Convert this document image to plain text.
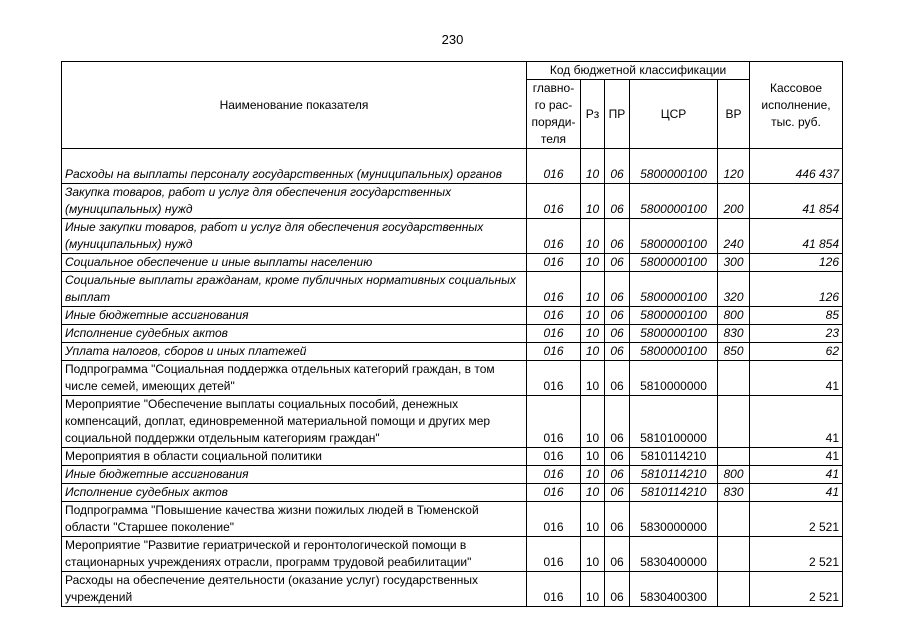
230
Наименование показателя	Код бюджетной классификации					Кассовое исполнение, тыс. руб.
	главно-го рас-поряди-теля	Рз	ПР	ЦСР	ВР	
Расходы на выплаты персоналу государственных (муниципальных) органов	016	10	06	5800000100	120	446 437
Закупка товаров, работ и услуг для обеспечения государственных (муниципальных) нужд	016	10	06	5800000100	200	41 854
Иные закупки товаров, работ и услуг для обеспечения государственных (муниципальных) нужд	016	10	06	5800000100	240	41 854
Социальное обеспечение и иные выплаты населению	016	10	06	5800000100	300	126
Социальные выплаты гражданам, кроме публичных нормативных социальных выплат	016	10	06	5800000100	320	126
Иные бюджетные ассигнования	016	10	06	5800000100	800	85
Исполнение судебных актов	016	10	06	5800000100	830	23
Уплата налогов, сборов и иных платежей	016	10	06	5800000100	850	62
Подпрограмма "Социальная поддержка отдельных категорий граждан, в том числе семей, имеющих детей"	016	10	06	5810000000		41
Мероприятие "Обеспечение выплаты социальных пособий, денежных компенсаций, доплат, единовременной материальной помощи и других мер социальной поддержки отдельным категориям граждан"	016	10	06	5810100000		41
Мероприятия в области социальной политики	016	10	06	5810114210		41
Иные бюджетные ассигнования	016	10	06	5810114210	800	41
Исполнение судебных актов	016	10	06	5810114210	830	41
Подпрограмма "Повышение качества жизни пожилых людей в Тюменской области "Старшее поколение"	016	10	06	5830000000		2 521
Мероприятие "Развитие гериатрической и геронтологической помощи в стационарных учреждениях отрасли, программ трудовой реабилитации"	016	10	06	5830400000		2 521
Расходы на обеспечение деятельности (оказание услуг) государственных учреждений	016	10	06	5830400300		2 521
